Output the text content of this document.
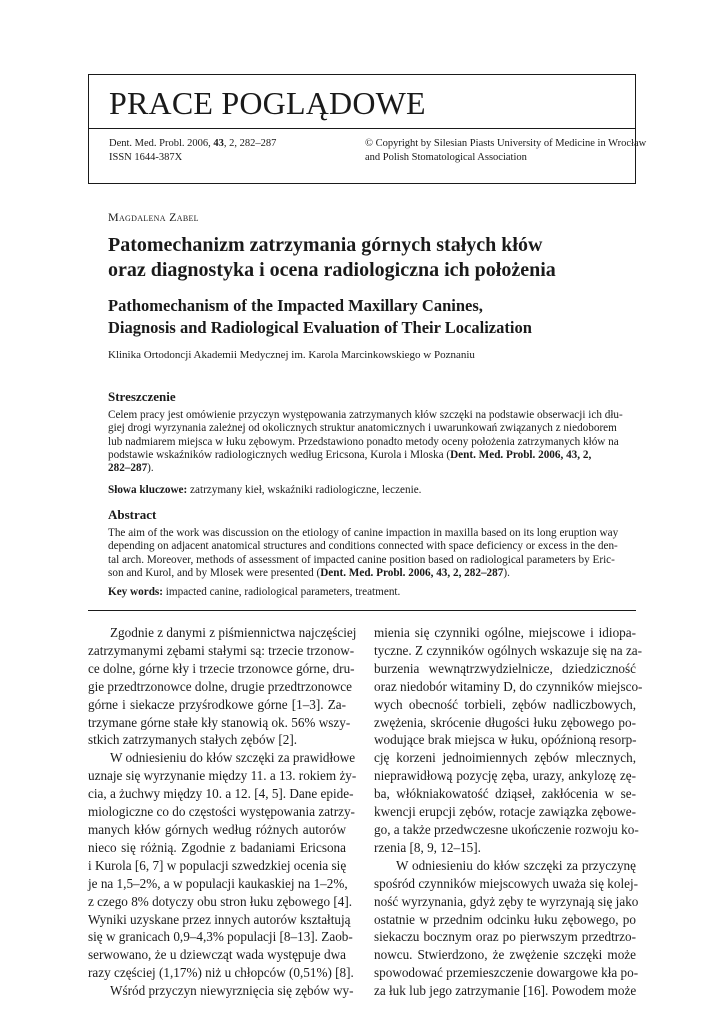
PRACE POGLĄDOWE
Dent. Med. Probl. 2006, 43, 2, 282–287
ISSN 1644-387X
© Copyright by Silesian Piasts University of Medicine in Wrocław
and Polish Stomatological Association
Magdalena Zabel
Patomechanizm zatrzymania górnych stałych kłów
oraz diagnostyka i ocena radiologiczna ich położenia
Pathomechanism of the Impacted Maxillary Canines,
Diagnosis and Radiological Evaluation of Their Localization
Klinika Ortodoncji Akademii Medycznej im. Karola Marcinkowskiego w Poznaniu
Streszczenie
Celem pracy jest omówienie przyczyn występowania zatrzymanych kłów szczęki na podstawie obserwacji ich dłu-
giej drogi wyrzynania zależnej od okolicznych struktur anatomicznych i uwarunkowań związanych z niedoborem
lub nadmiarem miejsca w łuku zębowym. Przedstawiono ponadto metody oceny położenia zatrzymanych kłów na
podstawie wskaźników radiologicznych według Ericsona, Kurola i Mloska (Dent. Med. Probl. 2006, 43, 2,
282–287).
Słowa kluczowe: zatrzymany kieł, wskaźniki radiologiczne, leczenie.
Abstract
The aim of the work was discussion on the etiology of canine impaction in maxilla based on its long eruption way
depending on adjacent anatomical structures and conditions connected with space deficiency or excess in the den-
tal arch. Moreover, methods of assessment of impacted canine position based on radiological parameters by Eric-
son and Kurol, and by Mlosek were presented (Dent. Med. Probl. 2006, 43, 2, 282–287).
Key words: impacted canine, radiological parameters, treatment.
Zgodnie z danymi z piśmiennictwa najczęściej
zatrzymanymi zębami stałymi są: trzecie trzonow-
ce dolne, górne kły i trzecie trzonowce górne, dru-
gie przedtrzonowce dolne, drugie przedtrzonowce
górne i siekacze przyśrodkowe górne [1–3]. Za-
trzymane górne stałe kły stanowią ok. 56% wszy-
stkich zatrzymanych stałych zębów [2].
W odniesieniu do kłów szczęki za prawidłowe
uznaje się wyrzynanie między 11. a 13. rokiem ży-
cia, a żuchwy między 10. a 12. [4, 5]. Dane epide-
miologiczne co do częstości występowania zatrzy-
manych kłów górnych według różnych autorów
nieco się różnią. Zgodnie z badaniami Ericsona
i Kurola [6, 7] w populacji szwedzkiej ocenia się
je na 1,5–2%, a w populacji kaukaskiej na 1–2%,
z czego 8% dotyczy obu stron łuku zębowego [4].
Wyniki uzyskane przez innych autorów kształtują
się w granicach 0,9–4,3% populacji [8–13]. Zaob-
serwowano, że u dziewcząt wada występuje dwa
razy częściej (1,17%) niż u chłopców (0,51%) [8].
Wśród przyczyn niewyrznięcia się zębów wy-
mienia się czynniki ogólne, miejscowe i idiopa-
tyczne. Z czynników ogólnych wskazuje się na za-
burzenia wewnątrzwydzielnicze, dziedziczność
oraz niedobór witaminy D, do czynników miejsco-
wych obecność torbieli, zębów nadliczbowych,
zwężenia, skrócenie długości łuku zębowego po-
wodujące brak miejsca w łuku, opóźnioną resorp-
cję korzeni jednoimiennych zębów mlecznych,
nieprawidłową pozycję zęba, urazy, ankylozę zę-
ba, włókniakowatość dziąseł, zakłócenia w se-
kwencji erupcji zębów, rotacje zawiązka zębowe-
go, a także przedwczesne ukończenie rozwoju ko-
rzenia [8, 9, 12–15].
W odniesieniu do kłów szczęki za przyczynę
spośród czynników miejscowych uważa się kolej-
ność wyrzynania, gdyż zęby te wyrzynają się jako
ostatnie w przednim odcinku łuku zębowego, po
siekaczu bocznym oraz po pierwszym przedtrzo-
nowcu. Stwierdzono, że zwężenie szczęki może
spowodować przemieszczenie dowargowe kła po-
za łuk lub jego zatrzymanie [16]. Powodem może
